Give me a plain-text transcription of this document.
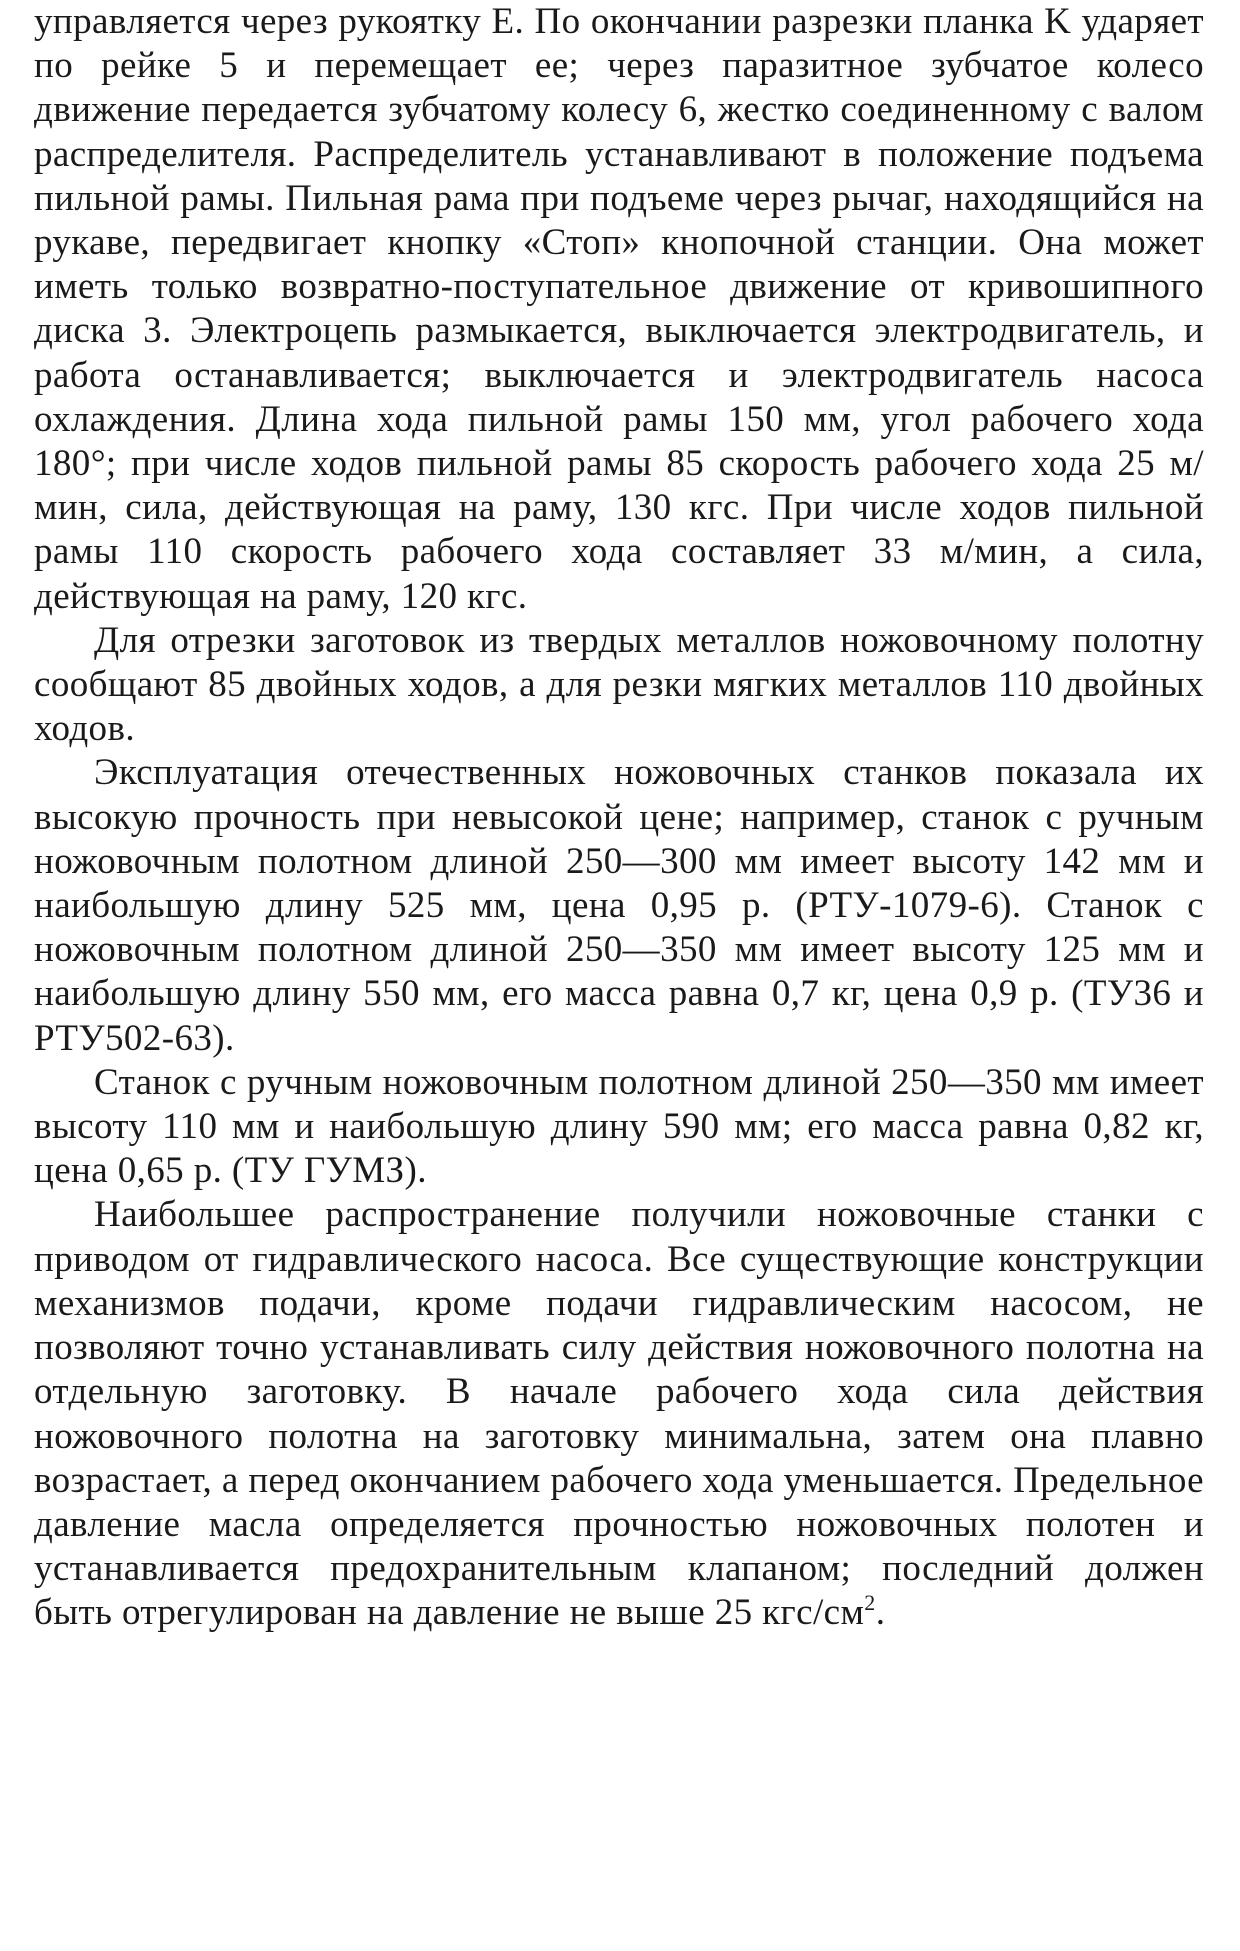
управляется через рукоятку E. По окончании разрезки планка K ударяет по рейке 5 и перемещает ее; через паразитное зубчатое колесо движение передается зубчатому колесу 6, жестко соединенному с валом распределителя. Распределитель устанавливают в положение подъема пильной рамы. Пильная рама при подъеме через рычаг, находящийся на рукаве, передвигает кнопку «Стоп» кнопочной станции. Она может иметь только возвратно-поступательное движение от кривошипного диска 3. Электроцепь размыкается, выключается электродвигатель, и работа останавливается; выключается и электродвигатель насоса охлаждения. Длина хода пильной рамы 150 мм, угол рабочего хода 180°; при числе ходов пильной рамы 85 скорость рабочего хода 25 м/мин, сила, действующая на раму, 130 кгс. При числе ходов пильной рамы 110 скорость рабочего хода составляет 33 м/мин, а сила, действующая на раму, 120 кгс.

Для отрезки заготовок из твердых металлов ножовочному полотну сообщают 85 двойных ходов, а для резки мягких металлов 110 двойных ходов.

Эксплуатация отечественных ножовочных станков показала их высокую прочность при невысокой цене; например, станок с ручным ножовочным полотном длиной 250—300 мм имеет высоту 142 мм и наибольшую длину 525 мм, цена 0,95 р. (РТУ-1079-6). Станок с ножовочным полотном длиной 250—350 мм имеет высоту 125 мм и наибольшую длину 550 мм, его масса равна 0,7 кг, цена 0,9 р. (ТУ36 и РТУ502-63).

Станок с ручным ножовочным полотном длиной 250—350 мм имеет высоту 110 мм и наибольшую длину 590 мм; его масса равна 0,82 кг, цена 0,65 р. (ТУ ГУМЗ).

Наибольшее распространение получили ножовочные станки с приводом от гидравлического насоса. Все существующие конструкции механизмов подачи, кроме подачи гидравлическим насосом, не позволяют точно устанавливать силу действия ножовочного полотна на отдельную заготовку. В начале рабочего хода сила действия ножовочного полотна на заготовку минимальна, затем она плавно возрастает, а перед окончанием рабочего хода уменьшается. Предельное давление масла определяется прочностью ножовочных полотен и устанавливается предохранительным клапаном; последний должен быть отрегулирован на давление не выше 25 кгс/$см^2$.
